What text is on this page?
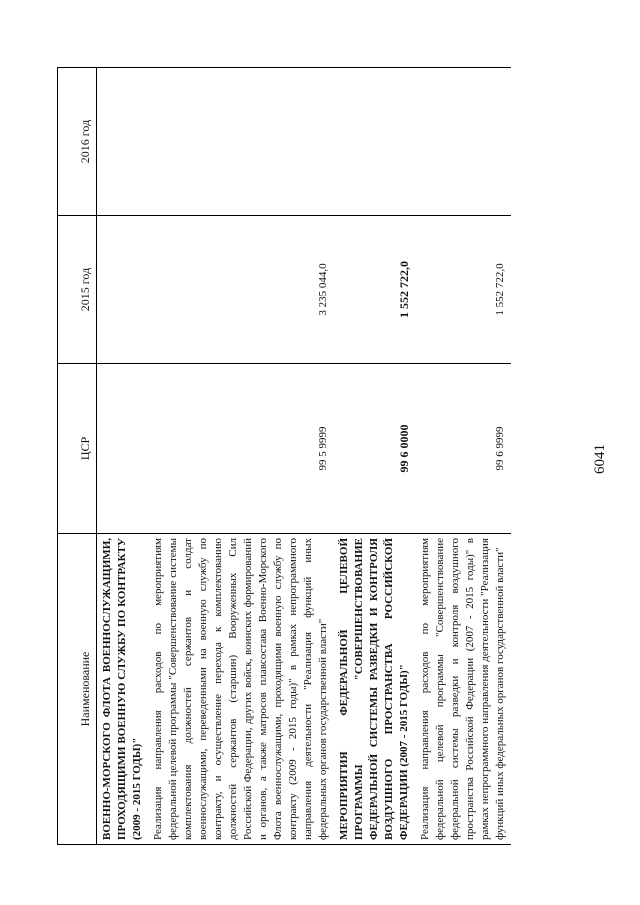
6041
Наименование	ЦСР	2015 год	2016 год
ВОЕННО-МОРСКОГО ФЛОТА ВОЕННОСЛУЖАЩИМИ, ПРОХОДЯЩИМИ ВОЕННУЮ СЛУЖБУ ПО КОНТРАКТУ (2009 - 2015 ГОДЫ)"			
Реализация направления расходов по мероприятиям федеральной целевой программы "Совершенствование системы комплектования должностей сержантов и солдат военнослужащими, переведенными на военную службу по контракту, и осуществление перехода к комплектованию должностей сержантов (старшин) Вооруженных Сил Российской Федерации, других войск, воинских формирований и органов, а также матросов плавсостава Военно-Морского Флота военнослужащими, проходящими военную службу по контракту (2009 - 2015 годы)" в рамках непрограммного направления деятельности "Реализация функций иных федеральных органов государственной власти"	99 5 9999	3 235 044,0	
МЕРОПРИЯТИЯ ФЕДЕРАЛЬНОЙ ЦЕЛЕВОЙ ПРОГРАММЫ "СОВЕРШЕНСТВОВАНИЕ ФЕДЕРАЛЬНОЙ СИСТЕМЫ РАЗВЕДКИ И КОНТРОЛЯ ВОЗДУШНОГО ПРОСТРАНСТВА РОССИЙСКОЙ ФЕДЕРАЦИИ (2007 - 2015 ГОДЫ)"	99 6 0000	1 552 722,0	
Реализация направления расходов по мероприятиям федеральной целевой программы "Совершенствование федеральной системы разведки и контроля воздушного пространства Российской Федерации (2007 - 2015 годы)" в рамках непрограммного направления деятельности "Реализация функций иных федеральных органов государственной власти"	99 6 9999	1 552 722,0	
